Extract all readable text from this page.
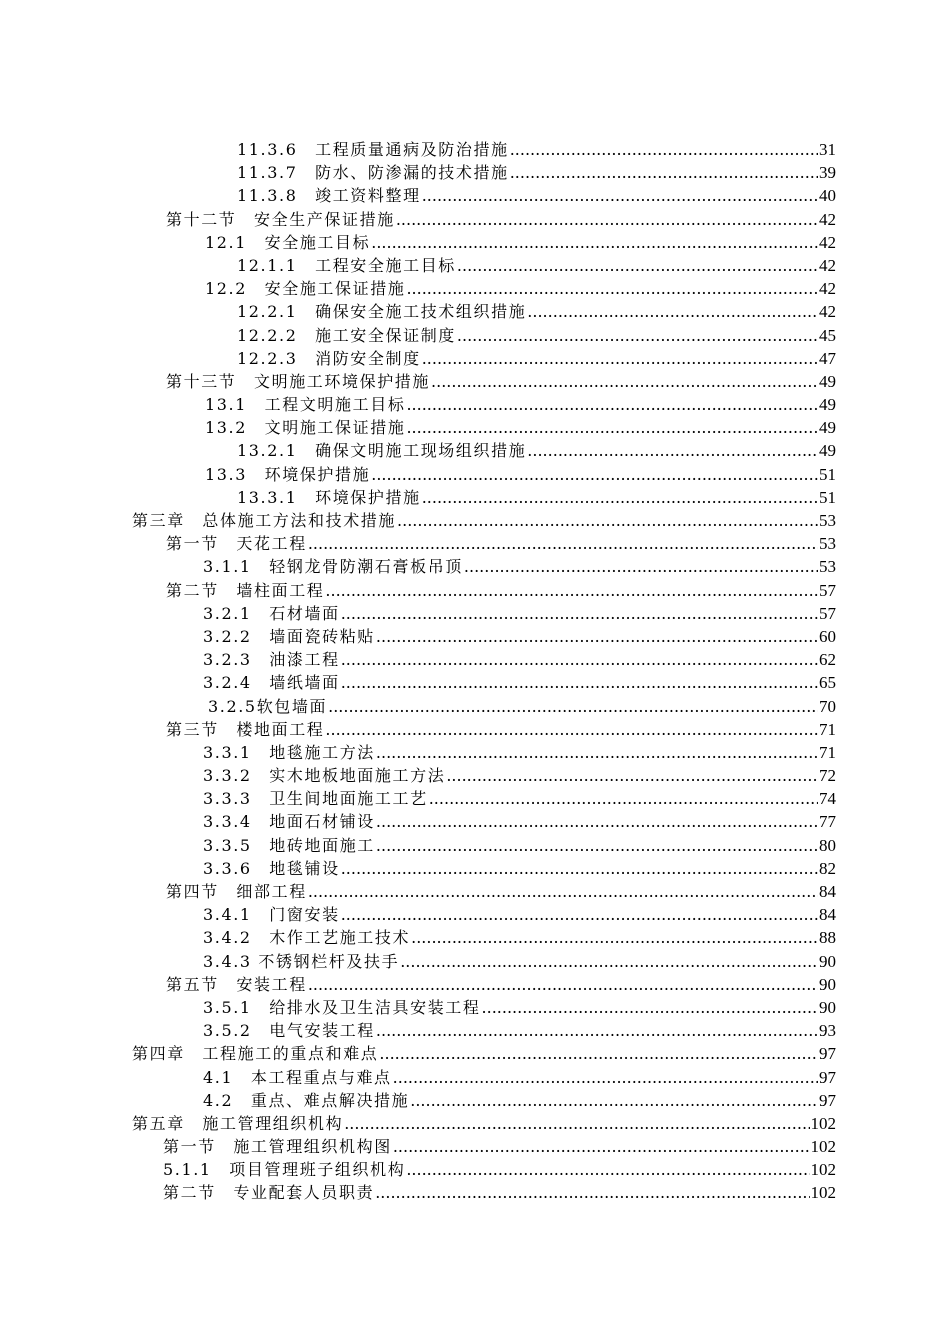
11.3.6　工程质量通病及防治措施 .....	31
11.3.7　防水、防渗漏的技术措施 .....	39
11.3.8　竣工资料整理 .....	40
第十二节　安全生产保证措施 .....	42
12.1　安全施工目标 .....	42
12.1.1　工程安全施工目标 .....	42
12.2　安全施工保证措施 .....	42
12.2.1　确保安全施工技术组织措施 .....	42
12.2.2　施工安全保证制度 .....	45
12.2.3　消防安全制度 .....	47
第十三节　文明施工环境保护措施 .....	49
13.1　工程文明施工目标 .....	49
13.2　文明施工保证措施 .....	49
13.2.1　确保文明施工现场组织措施 .....	49
13.3　环境保护措施 .....	51
13.3.1　环境保护措施 .....	51
第三章　总体施工方法和技术措施 .....	53
第一节　天花工程 .....	53
3.1.1　轻钢龙骨防潮石膏板吊顶 .....	53
第二节　墙柱面工程 .....	57
3.2.1　石材墙面 .....	57
3.2.2　墙面瓷砖粘贴 .....	60
3.2.3　油漆工程 .....	62
3.2.4　墙纸墙面 .....	65
3.2.5软包墙面 .....	70
第三节　楼地面工程 .....	71
3.3.1　地毯施工方法 .....	71
3.3.2　实木地板地面施工方法 .....	72
3.3.3　卫生间地面施工工艺 .....	74
3.3.4　地面石材铺设 .....	77
3.3.5　地砖地面施工 .....	80
3.3.6　地毯铺设 .....	82
第四节　细部工程 .....	84
3.4.1　门窗安装 .....	84
3.4.2　木作工艺施工技术 .....	88
3.4.3 不锈钢栏杆及扶手 .....	90
第五节　安装工程 .....	90
3.5.1　给排水及卫生洁具安装工程 .....	90
3.5.2　电气安装工程 .....	93
第四章　工程施工的重点和难点 .....	97
4.1　本工程重点与难点 .....	97
4.2　重点、难点解决措施 .....	97
第五章　施工管理组织机构 .....	102
第一节　施工管理组织机构图 .....	102
5.1.1　项目管理班子组织机构 .....	102
第二节　专业配套人员职责 .....	102
